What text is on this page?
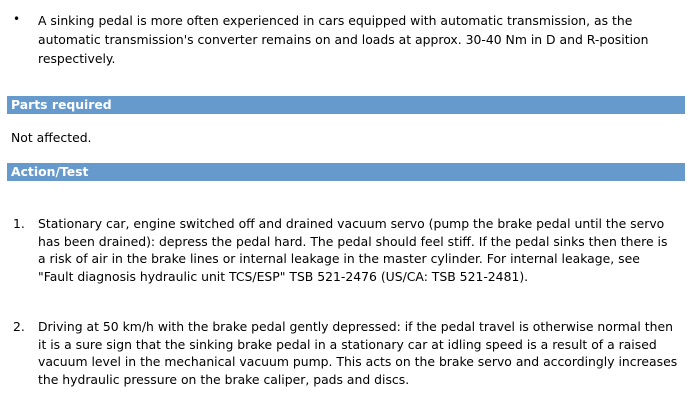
• A sinking pedal is more often experienced in cars equipped with automatic transmission, as the automatic transmission's converter remains on and loads at approx. 30-40 Nm in D and R-position respectively.
Parts required
Not affected.
Action/Test
1. Stationary car, engine switched off and drained vacuum servo (pump the brake pedal until the servo has been drained): depress the pedal hard. The pedal should feel stiff. If the pedal sinks then there is a risk of air in the brake lines or internal leakage in the master cylinder. For internal leakage, see "Fault diagnosis hydraulic unit TCS/ESP" TSB 521-2476 (US/CA: TSB 521-2481).
2. Driving at 50 km/h with the brake pedal gently depressed: if the pedal travel is otherwise normal then it is a sure sign that the sinking brake pedal in a stationary car at idling speed is a result of a raised vacuum level in the mechanical vacuum pump. This acts on the brake servo and accordingly increases the hydraulic pressure on the brake caliper, pads and discs.
